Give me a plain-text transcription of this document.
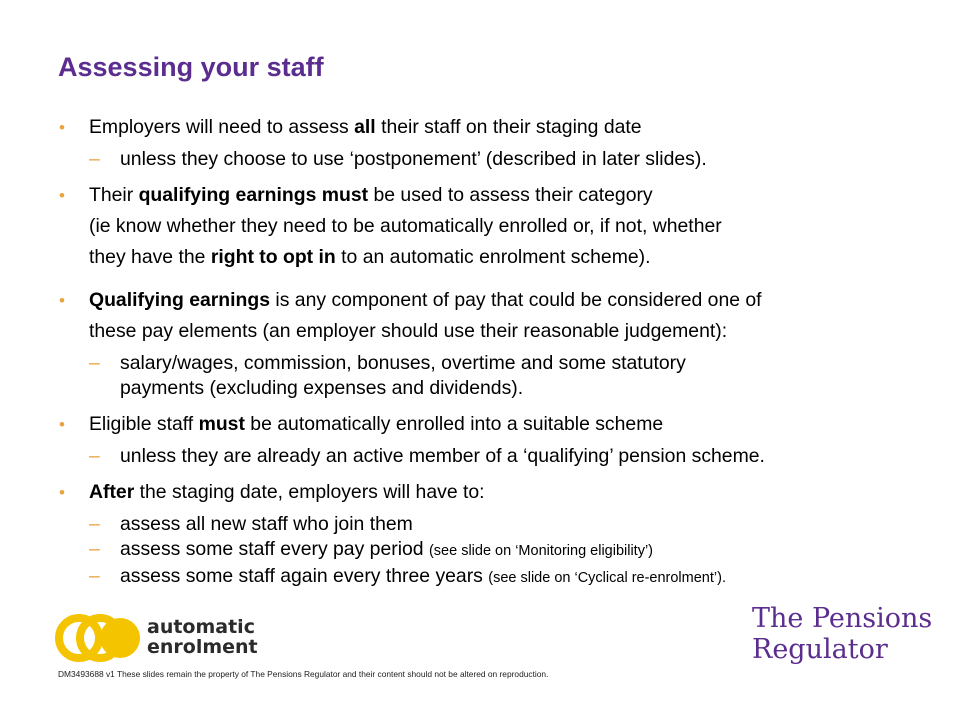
Assessing your staff
• Employers will need to assess all their staff on their staging date
– unless they choose to use ‘postponement’ (described in later slides).
• Their qualifying earnings must be used to assess their category
(ie know whether they need to be automatically enrolled or, if not, whether
they have the right to opt in to an automatic enrolment scheme).
• Qualifying earnings is any component of pay that could be considered one of
these pay elements (an employer should use their reasonable judgement):
– salary/wages, commission, bonuses, overtime and some statutory
payments (excluding expenses and dividends).
• Eligible staff must be automatically enrolled into a suitable scheme
– unless they are already an active member of a ‘qualifying’ pension scheme.
• After the staging date, employers will have to:
– assess all new staff who join them
– assess some staff every pay period (see slide on ‘Monitoring eligibility’)
– assess some staff again every three years (see slide on ‘Cyclical re-enrolment’).
automatic
enrolment
The Pensions
Regulator
DM3493688 v1 These slides remain the property of The Pensions Regulator and their content should not be altered on reproduction.
